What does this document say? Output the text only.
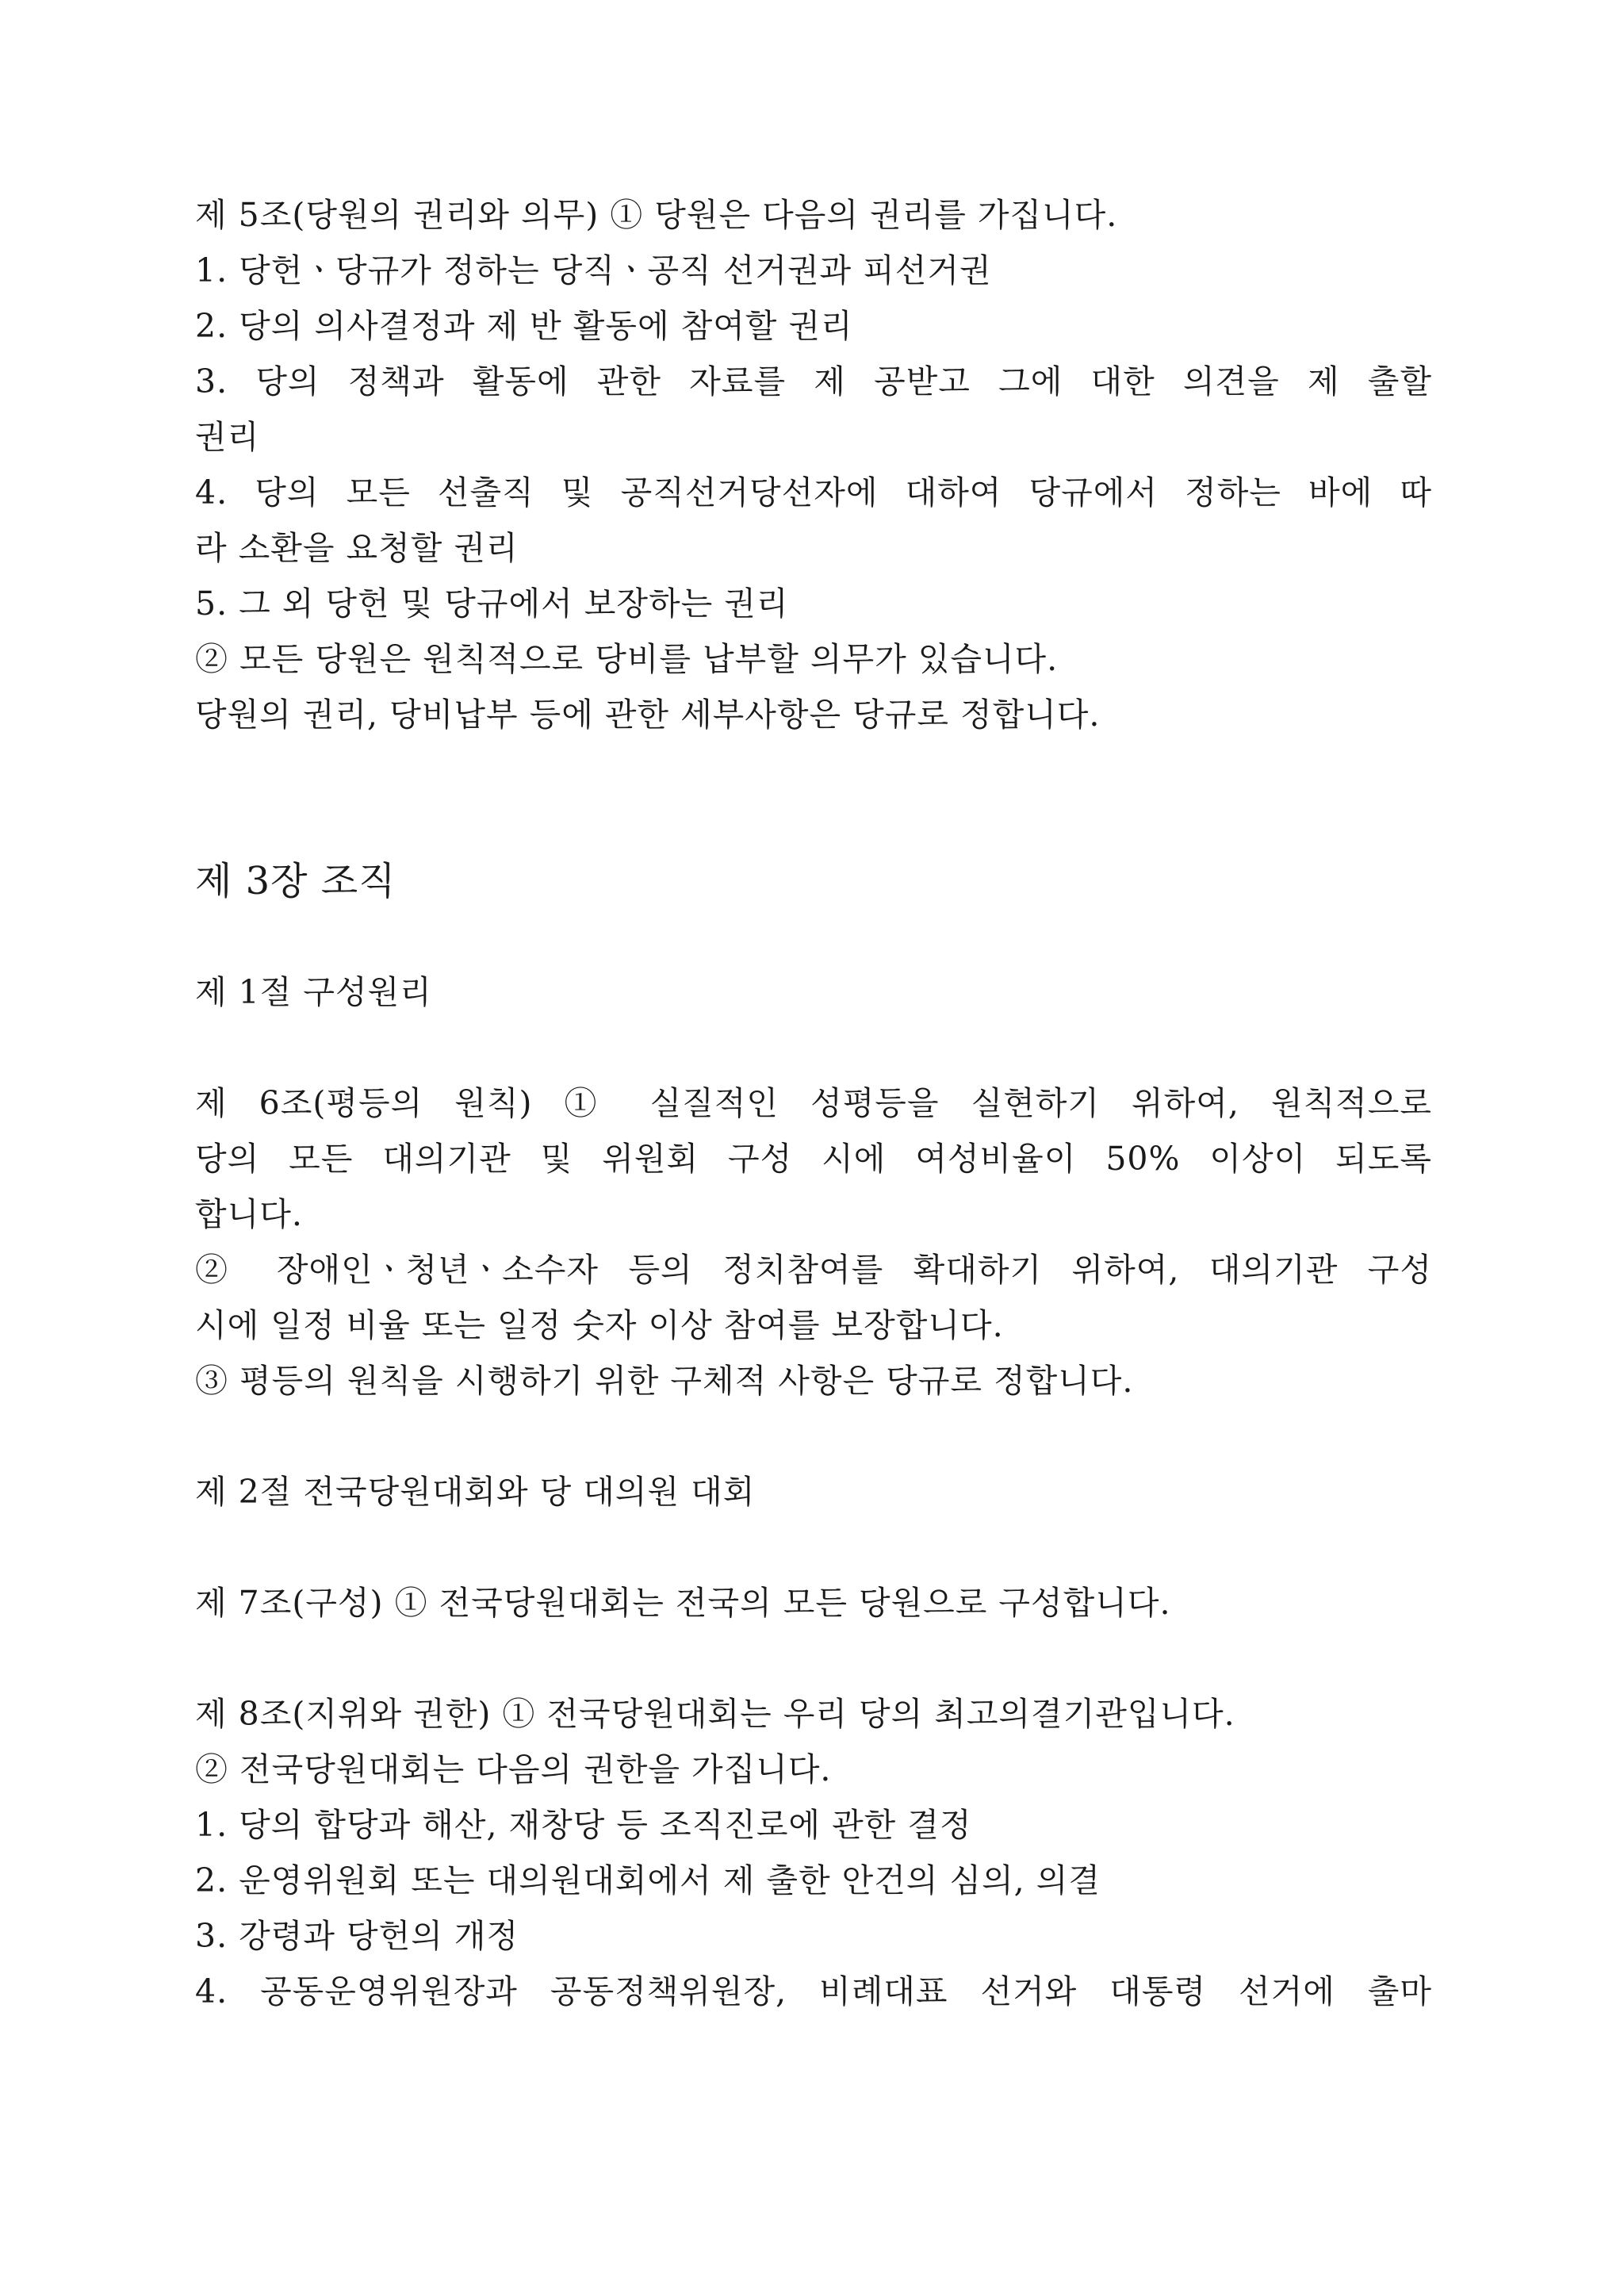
제 5조(당원의 권리와 의무) ① 당원은 다음의 권리를 가집니다.
1. 당헌ㆍ당규가 정하는 당직ㆍ공직 선거권과 피선거권
2. 당의 의사결정과 제 반 활동에 참여할 권리
3. 당의 정책과 활동에 관한 자료를 제 공받고 그에 대한 의견을 제 출할
권리
4. 당의 모든 선출직 및 공직선거당선자에 대하여 당규에서 정하는 바에 따
라 소환을 요청할 권리
5. 그 외 당헌 및 당규에서 보장하는 권리
② 모든 당원은 원칙적으로 당비를 납부할 의무가 있습니다.
당원의 권리, 당비납부 등에 관한 세부사항은 당규로 정합니다.
제 3장 조직
제 1절 구성원리
제 6조(평등의 원칙) ① 실질적인 성평등을 실현하기 위하여, 원칙적으로
당의 모든 대의기관 및 위원회 구성 시에 여성비율이 50% 이상이 되도록
합니다.
② 장애인ㆍ청년ㆍ소수자 등의 정치참여를 확대하기 위하여, 대의기관 구성
시에 일정 비율 또는 일정 숫자 이상 참여를 보장합니다.
③ 평등의 원칙을 시행하기 위한 구체적 사항은 당규로 정합니다.
제 2절 전국당원대회와 당 대의원 대회
제 7조(구성) ① 전국당원대회는 전국의 모든 당원으로 구성합니다.
제 8조(지위와 권한) ① 전국당원대회는 우리 당의 최고의결기관입니다.
② 전국당원대회는 다음의 권한을 가집니다.
1. 당의 합당과 해산, 재창당 등 조직진로에 관한 결정
2. 운영위원회 또는 대의원대회에서 제 출한 안건의 심의, 의결
3. 강령과 당헌의 개정
4. 공동운영위원장과 공동정책위원장, 비례대표 선거와 대통령 선거에 출마
